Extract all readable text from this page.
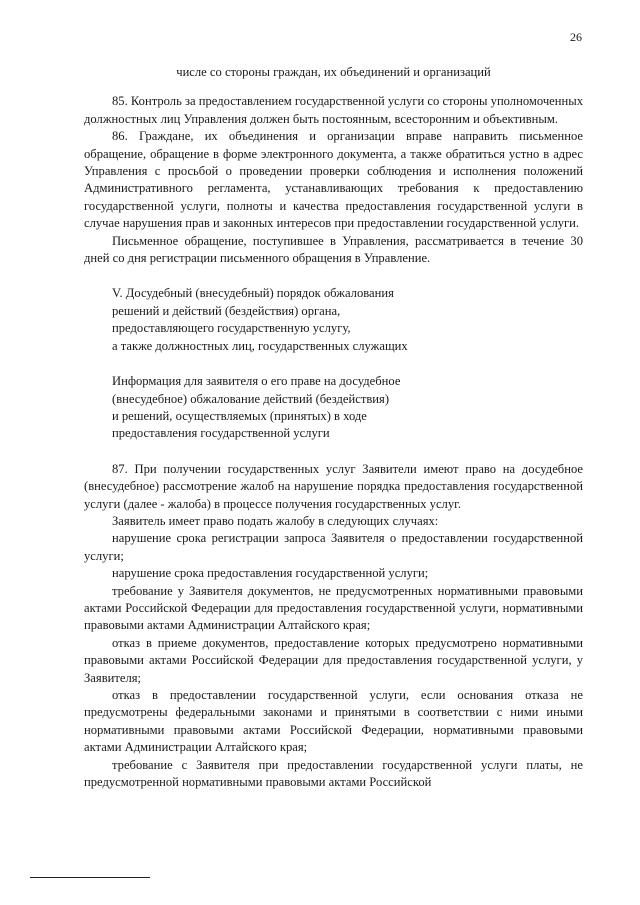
26

числе со стороны граждан, их объединений и организаций

85. Контроль за предоставлением государственной услуги со стороны уполномоченных должностных лиц Управления должен быть постоянным, всесторонним и объективным.

86. Граждане, их объединения и организации вправе направить письменное обращение, обращение в форме электронного документа, а также обратиться устно в адрес Управления с просьбой о проведении проверки соблюдения и исполнения положений Административного регламента, устанавливающих требования к предоставлению государственной услуги, полноты и качества предоставления государственной услуги в случае нарушения прав и законных интересов при предоставлении государственной услуги.

Письменное обращение, поступившее в Управления, рассматривается в течение 30 дней со дня регистрации письменного обращения в Управление.

V. Досудебный (внесудебный) порядок обжалования
решений и действий (бездействия) органа,
предоставляющего государственную услугу,
а также должностных лиц, государственных служащих

Информация для заявителя о его праве на досудебное
(внесудебное) обжалование действий (бездействия)
и решений, осуществляемых (принятых) в ходе
предоставления государственной услуги

87. При получении государственных услуг Заявители имеют право на досудебное (внесудебное) рассмотрение жалоб на нарушение порядка предоставления государственной услуги (далее - жалоба) в процессе получения государственных услуг.

Заявитель имеет право подать жалобу в следующих случаях:

нарушение срока регистрации запроса Заявителя о предоставлении государственной услуги;

нарушение срока предоставления государственной услуги;

требование у Заявителя документов, не предусмотренных нормативными правовыми актами Российской Федерации для предоставления государственной услуги, нормативными правовыми актами Администрации Алтайского края;

отказ в приеме документов, предоставление которых предусмотрено нормативными правовыми актами Российской Федерации для предоставления государственной услуги, у Заявителя;

отказ в предоставлении государственной услуги, если основания отказа не предусмотрены федеральными законами и принятыми в соответствии с ними иными нормативными правовыми актами Российской Федерации, нормативными правовыми актами Администрации Алтайского края;

требование с Заявителя при предоставлении государственной услуги платы, не предусмотренной нормативными правовыми актами Российской
